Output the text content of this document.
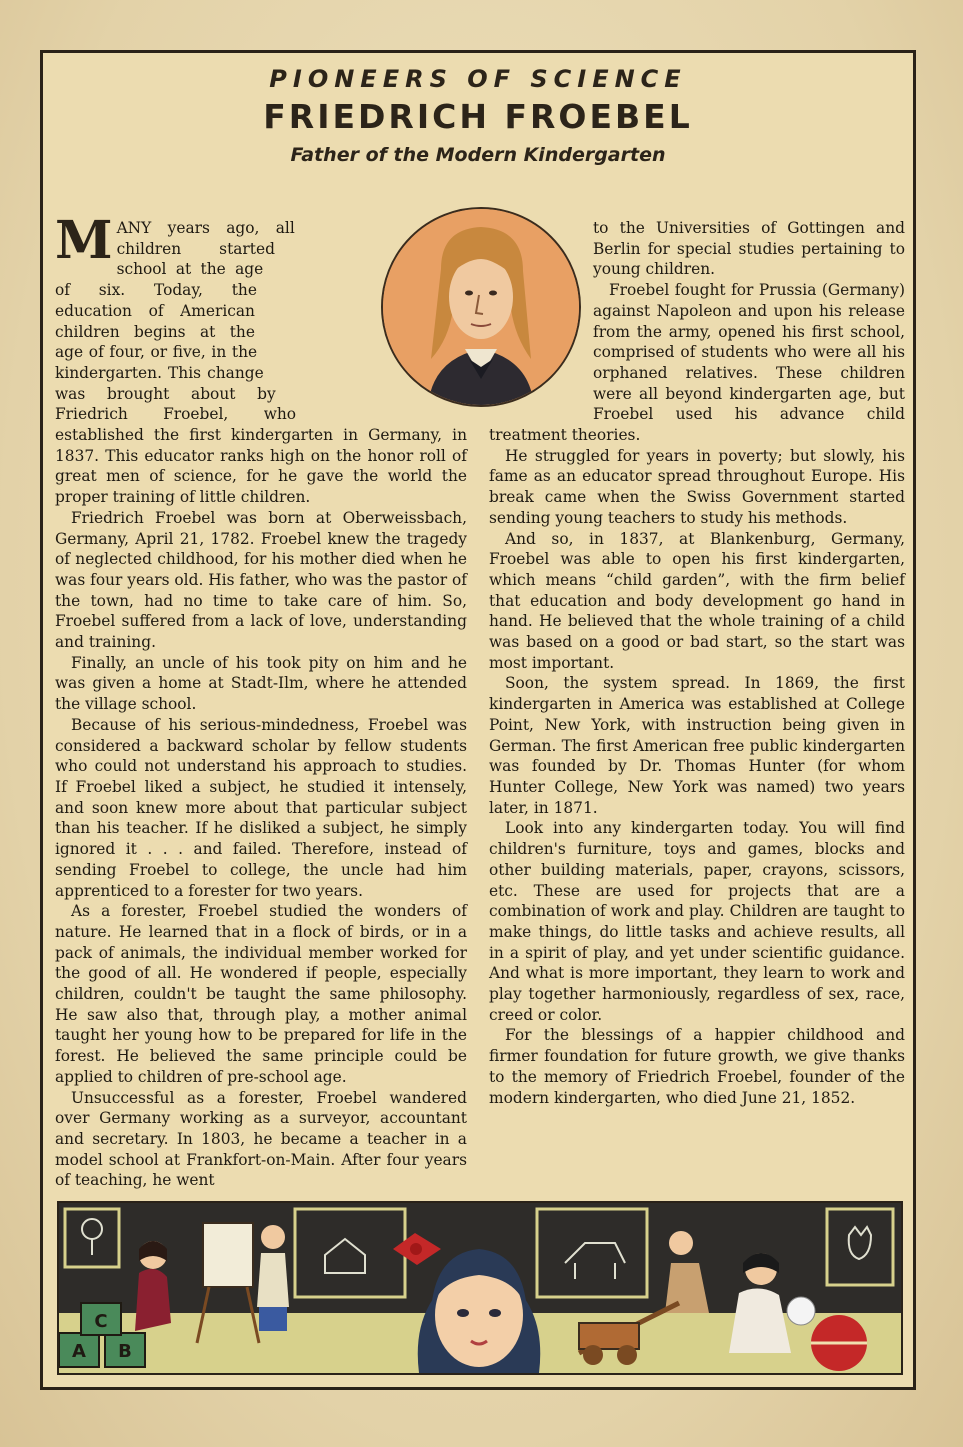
PIONEERS OF SCIENCE
FRIEDRICH FROEBEL
Father of the Modern Kindergarten

MANY years ago, all children started school at the age of six. Today, the education of American children begins at the age of four, or five, in the kindergarten. This change was brought about by Friedrich Froebel, who established the first kindergarten in Germany, in 1837. This educator ranks high on the honor roll of great men of science, for he gave the world the proper training of little children.

Friedrich Froebel was born at Oberweissbach, Germany, April 21, 1782. Froebel knew the tragedy of neglected childhood, for his mother died when he was four years old. His father, who was the pastor of the town, had no time to take care of him. So, Froebel suffered from a lack of love, understanding and training.

Finally, an uncle of his took pity on him and he was given a home at Stadt-Ilm, where he attended the village school.

Because of his serious-mindedness, Froebel was considered a backward scholar by fellow students who could not understand his approach to studies. If Froebel liked a subject, he studied it intensely, and soon knew more about that particular subject than his teacher. If he disliked a subject, he simply ignored it . . . and failed. Therefore, instead of sending Froebel to college, the uncle had him apprenticed to a forester for two years.

As a forester, Froebel studied the wonders of nature. He learned that in a flock of birds, or in a pack of animals, the individual member worked for the good of all. He wondered if people, especially children, couldn't be taught the same philosophy. He saw also that, through play, a mother animal taught her young how to be prepared for life in the forest. He believed the same principle could be applied to children of pre-school age.

Unsuccessful as a forester, Froebel wandered over Germany working as a surveyor, accountant and secretary. In 1803, he became a teacher in a model school at Frankfort-on-Main. After four years of teaching, he went

to the Universities of Gottingen and Berlin for special studies pertaining to young children.

Froebel fought for Prussia (Germany) against Napoleon and upon his release from the army, opened his first school, comprised of students who were all his orphaned relatives. These children were all beyond kindergarten age, but Froebel used his advance child treatment theories.

He struggled for years in poverty; but slowly, his fame as an educator spread throughout Europe. His break came when the Swiss Government started sending young teachers to study his methods.

And so, in 1837, at Blankenburg, Germany, Froebel was able to open his first kindergarten, which means “child garden”, with the firm belief that education and body development go hand in hand. He believed that the whole training of a child was based on a good or bad start, so the start was most important.

Soon, the system spread. In 1869, the first kindergarten in America was established at College Point, New York, with instruction being given in German. The first American free public kindergarten was founded by Dr. Thomas Hunter (for whom Hunter College, New York was named) two years later, in 1871.

Look into any kindergarten today. You will find children's furniture, toys and games, blocks and other building materials, paper, crayons, scissors, etc. These are used for projects that are a combination of work and play. Children are taught to make things, do little tasks and achieve results, all in a spirit of play, and yet under scientific guidance. And what is more important, they learn to work and play together harmoniously, regardless of sex, race, creed or color.

For the blessings of a happier childhood and firmer foundation for future growth, we give thanks to the memory of Friedrich Froebel, founder of the modern kindergarten, who died June 21, 1852.

A B
C
